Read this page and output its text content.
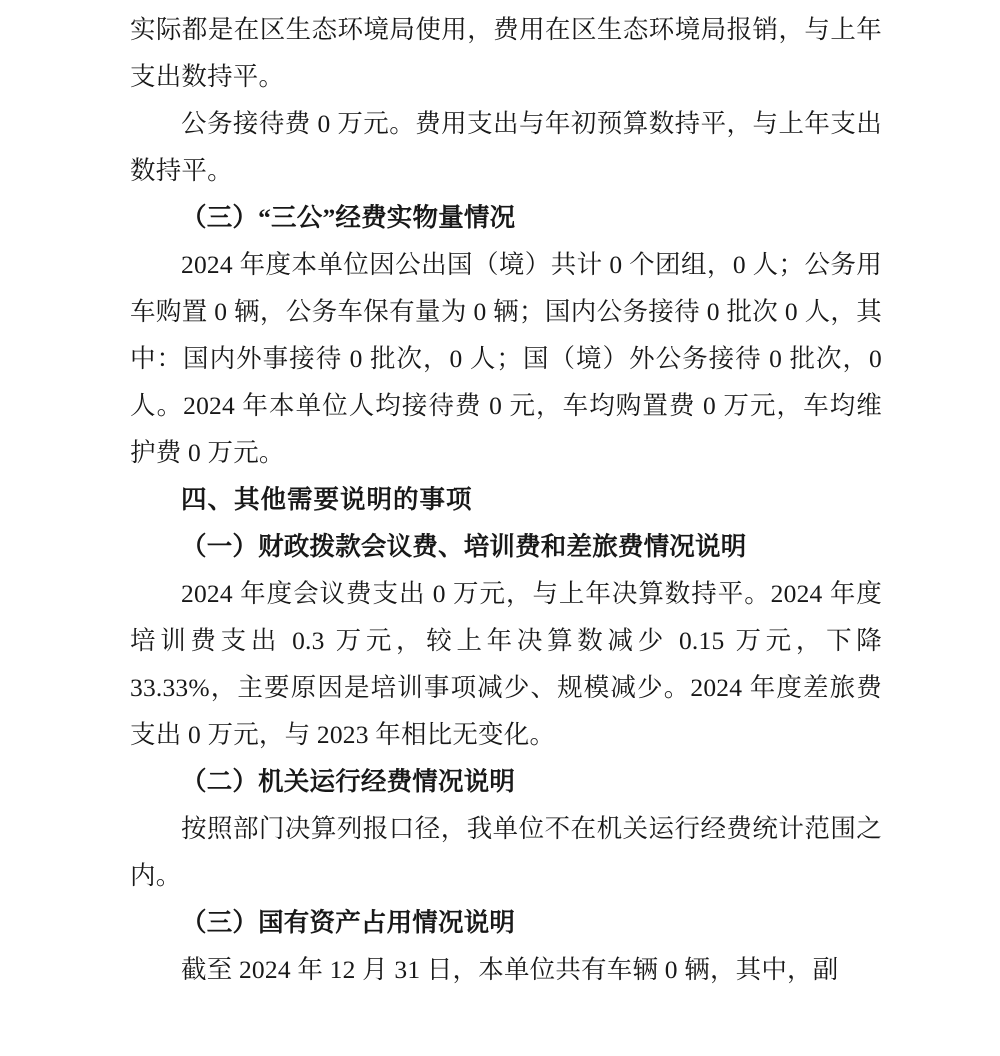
实际都是在区生态环境局使用，费用在区生态环境局报销，与上年支出数持平。

公务接待费 0 万元。费用支出与年初预算数持平，与上年支出数持平。

（三）“三公”经费实物量情况

2024 年度本单位因公出国（境）共计 0 个团组，0 人；公务用车购置 0 辆，公务车保有量为 0 辆；国内公务接待 0 批次 0 人，其中：国内外事接待 0 批次，0 人；国（境）外公务接待 0 批次，0 人。2024 年本单位人均接待费 0 元，车均购置费 0 万元，车均维护费 0 万元。

四、其他需要说明的事项

（一）财政拨款会议费、培训费和差旅费情况说明

2024 年度会议费支出 0 万元，与上年决算数持平。2024 年度培训费支出 0.3 万元，较上年决算数减少 0.15 万元，下降 33.33%，主要原因是培训事项减少、规模减少。2024 年度差旅费支出 0 万元，与 2023 年相比无变化。

（二）机关运行经费情况说明

按照部门决算列报口径，我单位不在机关运行经费统计范围之内。

（三）国有资产占用情况说明

截至 2024 年 12 月 31 日，本单位共有车辆 0 辆，其中，副
